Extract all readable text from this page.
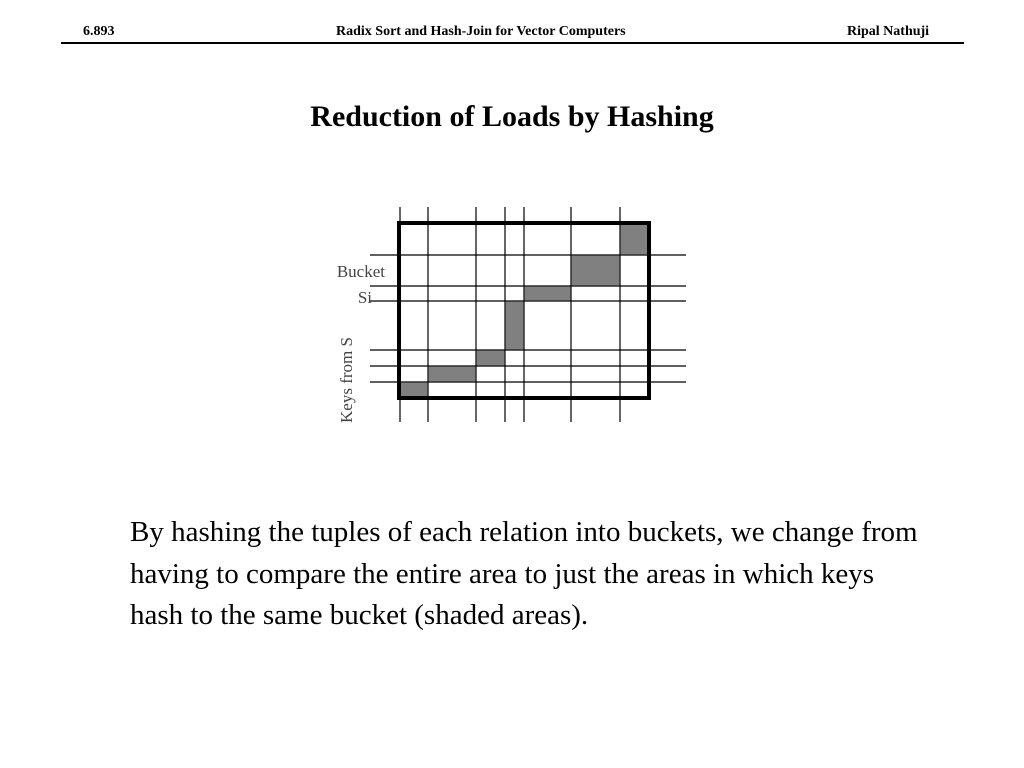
6.893	Radix Sort and Hash-Join for Vector Computers	Ripal Nathuji
Reduction of Loads by Hashing
Bucket
Si
Keys from S
By hashing the tuples of each relation into buckets, we change from having to compare the entire area to just the areas in which keys hash to the same bucket (shaded areas).
